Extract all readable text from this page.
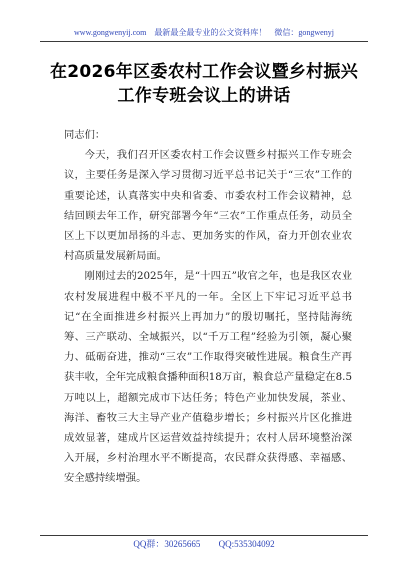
www.gongwenyij.com 最新最全最专业的公文资料库！ 微信：gongwenyj
在2026年区委农村工作会议暨乡村振兴
工作专班会议上的讲话

同志们：

今天，我们召开区委农村工作会议暨乡村振兴工作专班会议，主要任务是深入学习贯彻习近平总书记关于“三农”工作的重要论述，认真落实中央和省委、市委农村工作会议精神，总结回顾去年工作，研究部署今年“三农”工作重点任务，动员全区上下以更加昂扬的斗志、更加务实的作风，奋力开创农业农村高质量发展新局面。

刚刚过去的2025年，是“十四五”收官之年，也是我区农业农村发展进程中极不平凡的一年。全区上下牢记习近平总书记“在全面推进乡村振兴上再加力”的殷切嘱托，坚持陆海统筹、三产联动、全域振兴，以“千万工程”经验为引领，凝心聚力、砥砺奋进，推动“三农”工作取得突破性进展。粮食生产再获丰收，全年完成粮食播种面积18万亩，粮食总产量稳定在8.5万吨以上，超额完成市下达任务；特色产业加快发展，茶业、海洋、畜牧三大主导产业产值稳步增长；乡村振兴片区化推进成效显著，建成片区运营效益持续提升；农村人居环境整治深入开展，乡村治理水平不断提高，农民群众获得感、幸福感、安全感持续增强。

QQ群：30265665 QQ:535304092
